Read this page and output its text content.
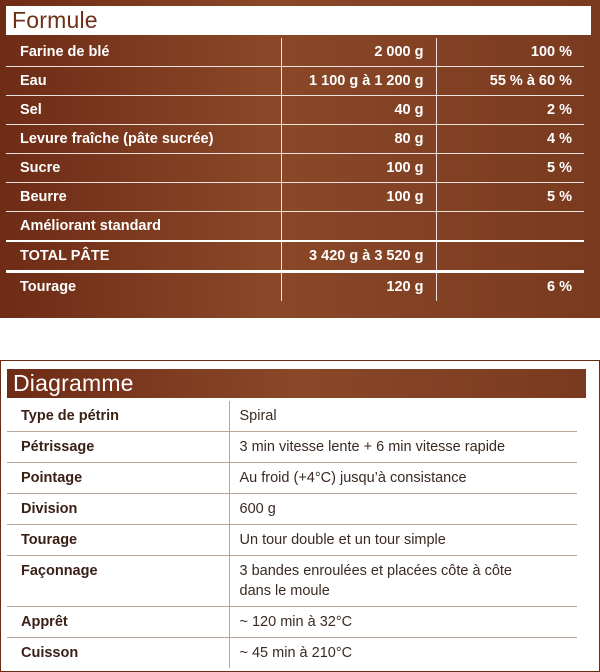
Formule
Farine de blé	2 000 g	100 %
Eau	1 100 g à 1 200 g	55 % à 60 %
Sel	40 g	2 %
Levure fraîche (pâte sucrée)	80 g	4 %
Sucre	100 g	5 %
Beurre	100 g	5 %
Améliorant standard		
TOTAL PÂTE	3 420 g à 3 520 g	
Tourage	120 g	6 %
Diagramme
Type de pétrin	Spiral
Pétrissage	3 min vitesse lente + 6 min vitesse rapide
Pointage	Au froid (+4°C) jusqu’à consistance
Division	600 g
Tourage	Un tour double et un tour simple
Façonnage	3 bandes enroulées et placées côte à côte
dans le moule

Apprêt	~ 120 min à 32°C
Cuisson	~ 45 min à 210°C
